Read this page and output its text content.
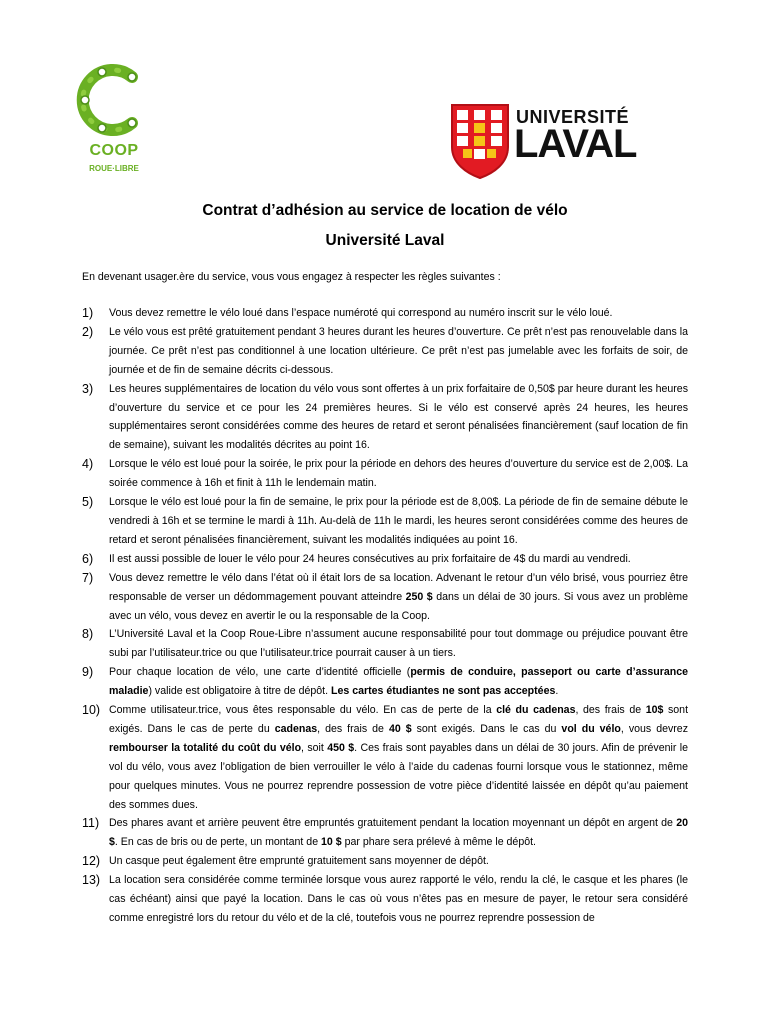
COOP
ROUE·LIBRE
UNIVERSITÉ
LAVAL
Contrat d’adhésion au service de location de vélo
Université Laval
En devenant usager.ère du service, vous vous engagez à respecter les règles suivantes :
1) Vous devez remettre le vélo loué dans l’espace numéroté qui correspond au numéro inscrit sur le vélo loué.
2) Le vélo vous est prêté gratuitement pendant 3 heures durant les heures d’ouverture. Ce prêt n’est pas renouvelable dans la journée. Ce prêt n’est pas conditionnel à une location ultérieure. Ce prêt n’est pas jumelable avec les forfaits de soir, de journée et de fin de semaine décrits ci-dessous.
3) Les heures supplémentaires de location du vélo vous sont offertes à un prix forfaitaire de 0,50$ par heure durant les heures d’ouverture du service et ce pour les 24 premières heures. Si le vélo est conservé après 24 heures, les heures supplémentaires seront considérées comme des heures de retard et seront pénalisées financièrement (sauf location de fin de semaine), suivant les modalités décrites au point 16.
4) Lorsque le vélo est loué pour la soirée, le prix pour la période en dehors des heures d’ouverture du service est de 2,00$. La soirée commence à 16h et finit à 11h le lendemain matin.
5) Lorsque le vélo est loué pour la fin de semaine, le prix pour la période est de 8,00$. La période de fin de semaine débute le vendredi à 16h et se termine le mardi à 11h. Au-delà de 11h le mardi, les heures seront considérées comme des heures de retard et seront pénalisées financièrement, suivant les modalités indiquées au point 16.
6) Il est aussi possible de louer le vélo pour 24 heures consécutives au prix forfaitaire de 4$ du mardi au vendredi.
7) Vous devez remettre le vélo dans l’état où il était lors de sa location. Advenant le retour d’un vélo brisé, vous pourriez être responsable de verser un dédommagement pouvant atteindre 250 $ dans un délai de 30 jours. Si vous avez un problème avec un vélo, vous devez en avertir le ou la responsable de la Coop.
8) L’Université Laval et la Coop Roue-Libre n’assument aucune responsabilité pour tout dommage ou préjudice pouvant être subi par l’utilisateur.trice ou que l’utilisateur.trice pourrait causer à un tiers.
9) Pour chaque location de vélo, une carte d’identité officielle (permis de conduire, passeport ou carte d’assurance maladie) valide est obligatoire à titre de dépôt. Les cartes étudiantes ne sont pas acceptées.
10) Comme utilisateur.trice, vous êtes responsable du vélo. En cas de perte de la clé du cadenas, des frais de 10$ sont exigés. Dans le cas de perte du cadenas, des frais de 40 $ sont exigés. Dans le cas du vol du vélo, vous devrez rembourser la totalité du coût du vélo, soit 450 $. Ces frais sont payables dans un délai de 30 jours. Afin de prévenir le vol du vélo, vous avez l’obligation de bien verrouiller le vélo à l’aide du cadenas fourni lorsque vous le stationnez, même pour quelques minutes. Vous ne pourrez reprendre possession de votre pièce d’identité laissée en dépôt qu’au paiement des sommes dues.
11) Des phares avant et arrière peuvent être empruntés gratuitement pendant la location moyennant un dépôt en argent de 20 $. En cas de bris ou de perte, un montant de 10 $ par phare sera prélevé à même le dépôt.
12) Un casque peut également être emprunté gratuitement sans moyenner de dépôt.
13) La location sera considérée comme terminée lorsque vous aurez rapporté le vélo, rendu la clé, le casque et les phares (le cas échéant) ainsi que payé la location. Dans le cas où vous n’êtes pas en mesure de payer, le retour sera considéré comme enregistré lors du retour du vélo et de la clé, toutefois vous ne pourrez reprendre possession de
